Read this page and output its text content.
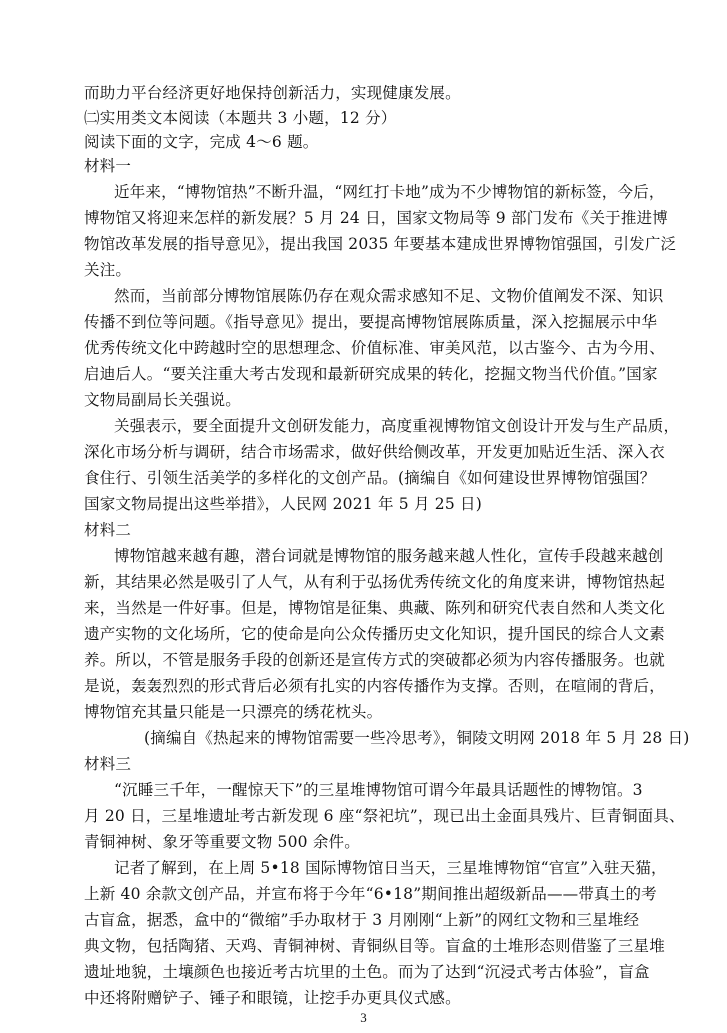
而助力平台经济更好地保持创新活力，实现健康发展。
㈡实用类文本阅读（本题共 3 小题，12 分）
阅读下面的文字，完成 4～6 题。
材料一
近年来，“博物馆热”不断升温，“网红打卡地”成为不少博物馆的新标签，今后，
博物馆又将迎来怎样的新发展？5 月 24 日，国家文物局等 9 部门发布《关于推进博
物馆改革发展的指导意见》，提出我国 2035 年要基本建成世界博物馆强国，引发广泛
关注。
然而，当前部分博物馆展陈仍存在观众需求感知不足、文物价值阐发不深、知识
传播不到位等问题。《指导意见》提出，要提高博物馆展陈质量，深入挖掘展示中华
优秀传统文化中跨越时空的思想理念、价值标准、审美风范，以古鉴今、古为今用、
启迪后人。“要关注重大考古发现和最新研究成果的转化，挖掘文物当代价值。”国家
文物局副局长关强说。
关强表示，要全面提升文创研发能力，高度重视博物馆文创设计开发与生产品质，
深化市场分析与调研，结合市场需求，做好供给侧改革，开发更加贴近生活、深入衣
食住行、引领生活美学的多样化的文创产品。(摘编自《如何建设世界博物馆强国？
国家文物局提出这些举措》，人民网 2021 年 5 月 25 日)
材料二
博物馆越来越有趣，潜台词就是博物馆的服务越来越人性化，宣传手段越来越创
新，其结果必然是吸引了人气，从有利于弘扬优秀传统文化的角度来讲，博物馆热起
来，当然是一件好事。但是，博物馆是征集、典藏、陈列和研究代表自然和人类文化
遗产实物的文化场所，它的使命是向公众传播历史文化知识，提升国民的综合人文素
养。所以，不管是服务手段的创新还是宣传方式的突破都必须为内容传播服务。也就
是说，轰轰烈烈的形式背后必须有扎实的内容传播作为支撑。否则，在喧闹的背后，
博物馆充其量只能是一只漂亮的绣花枕头。
(摘编自《热起来的博物馆需要一些冷思考》，铜陵文明网 2018 年 5 月 28 日)
材料三
“沉睡三千年，一醒惊天下”的三星堆博物馆可谓今年最具话题性的博物馆。3
月 20 日，三星堆遗址考古新发现 6 座“祭祀坑”，现已出土金面具残片、巨青铜面具、
青铜神树、象牙等重要文物 500 余件。
记者了解到，在上周 5•18 国际博物馆日当天，三星堆博物馆“官宣”入驻天猫，
上新 40 余款文创产品，并宣布将于今年“6•18”期间推出超级新品——带真土的考
古盲盒，据悉，盒中的“微缩”手办取材于 3 月刚刚“上新”的网红文物和三星堆经
典文物，包括陶猪、天鸡、青铜神树、青铜纵目等。盲盒的土堆形态则借鉴了三星堆
遗址地貌，土壤颜色也接近考古坑里的土色。而为了达到“沉浸式考古体验”，盲盒
中还将附赠铲子、锤子和眼镜，让挖手办更具仪式感。
3
